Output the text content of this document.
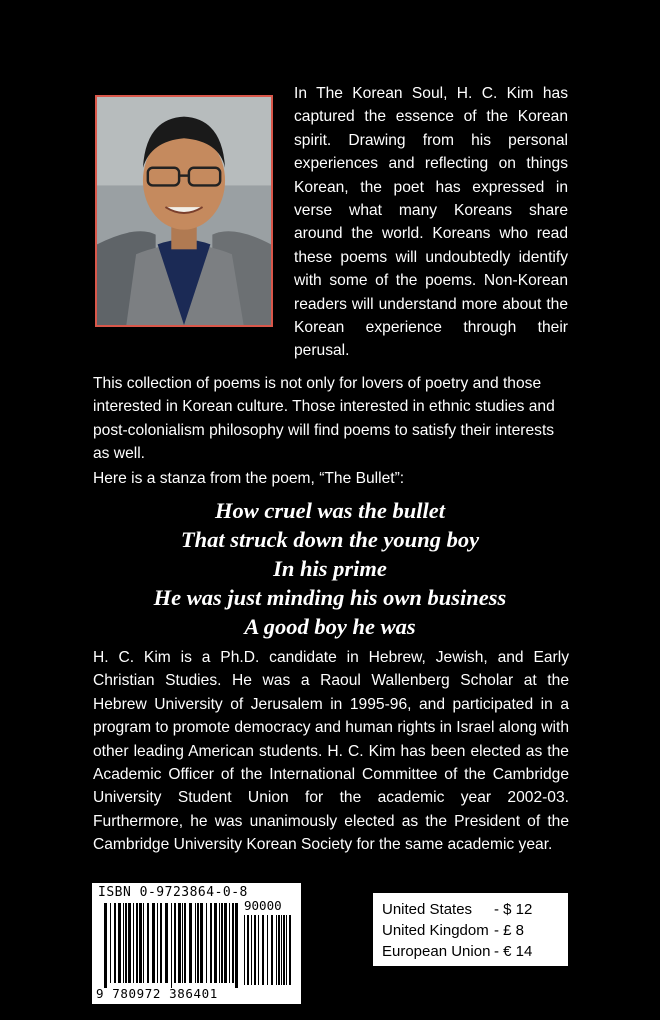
In The Korean Soul, H. C. Kim has captured the essence of the Korean spirit. Drawing from his personal experiences and reflecting on things Korean, the poet has expressed in verse what many Koreans share around the world. Koreans who read these poems will undoubtedly identify with some of the poems. Non-Korean readers will understand more about the Korean experience through their perusal.

This collection of poems is not only for lovers of poetry and those interested in Korean culture. Those interested in ethnic studies and post-colonialism philosophy will find poems to satisfy their interests as well.

Here is a stanza from the poem, “The Bullet”:

How cruel was the bullet
That struck down the young boy
In his prime
He was just minding his own business
A good boy he was

H. C. Kim is a Ph.D. candidate in Hebrew, Jewish, and Early Christian Studies. He was a Raoul Wallenberg Scholar at the Hebrew University of Jerusalem in 1995-96, and participated in a program to promote democracy and human rights in Israel along with other leading American students. H. C. Kim has been elected as the Academic Officer of the International Committee of the Cambridge University Student Union for the academic year 2002-03. Furthermore, he was unanimously elected as the President of the Cambridge University Korean Society for the same academic year.

ISBN 0-9723864-0-8
90000
9 780972 386401
United States	- $ 12
United Kingdom - £ 8
European Union - € 14
